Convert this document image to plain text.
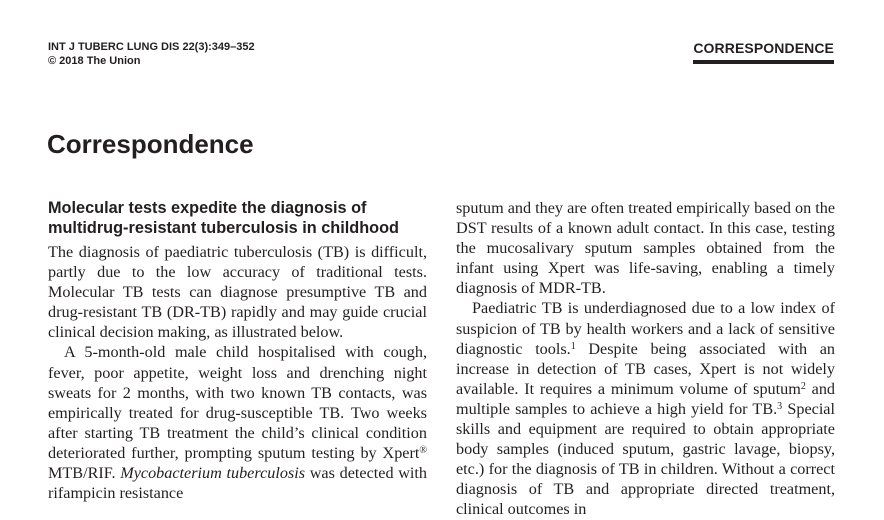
INT J TUBERC LUNG DIS 22(3):349–352
© 2018 The Union
CORRESPONDENCE
Correspondence
Molecular tests expedite the diagnosis of
multidrug-resistant tuberculosis in childhood

The diagnosis of paediatric tuberculosis (TB) is difficult, partly due to the low accuracy of traditional tests. Molecular TB tests can diagnose presumptive TB and drug-resistant TB (DR-TB) rapidly and may guide crucial clinical decision making, as illustrated below.

A 5-month-old male child hospitalised with cough, fever, poor appetite, weight loss and drenching night sweats for 2 months, with two known TB contacts, was empirically treated for drug-susceptible TB. Two weeks after starting TB treatment the child’s clinical condition deteriorated further, prompting sputum testing by Xpert® MTB/RIF. Mycobacterium tuberculosis was detected with rifampicin resistance

sputum and they are often treated empirically based on the DST results of a known adult contact. In this case, testing the mucosalivary sputum samples obtained from the infant using Xpert was life-saving, enabling a timely diagnosis of MDR-TB.

Paediatric TB is underdiagnosed due to a low index of suspicion of TB by health workers and a lack of sensitive diagnostic tools.$^1$ Despite being associated with an increase in detection of TB cases, Xpert is not widely available. It requires a minimum volume of sputum$^2$ and multiple samples to achieve a high yield for TB.$^3$ Special skills and equipment are required to obtain appropriate body samples (induced sputum, gastric lavage, biopsy, etc.) for the diagnosis of TB in children. Without a correct diagnosis of TB and appropriate directed treatment, clinical outcomes in
